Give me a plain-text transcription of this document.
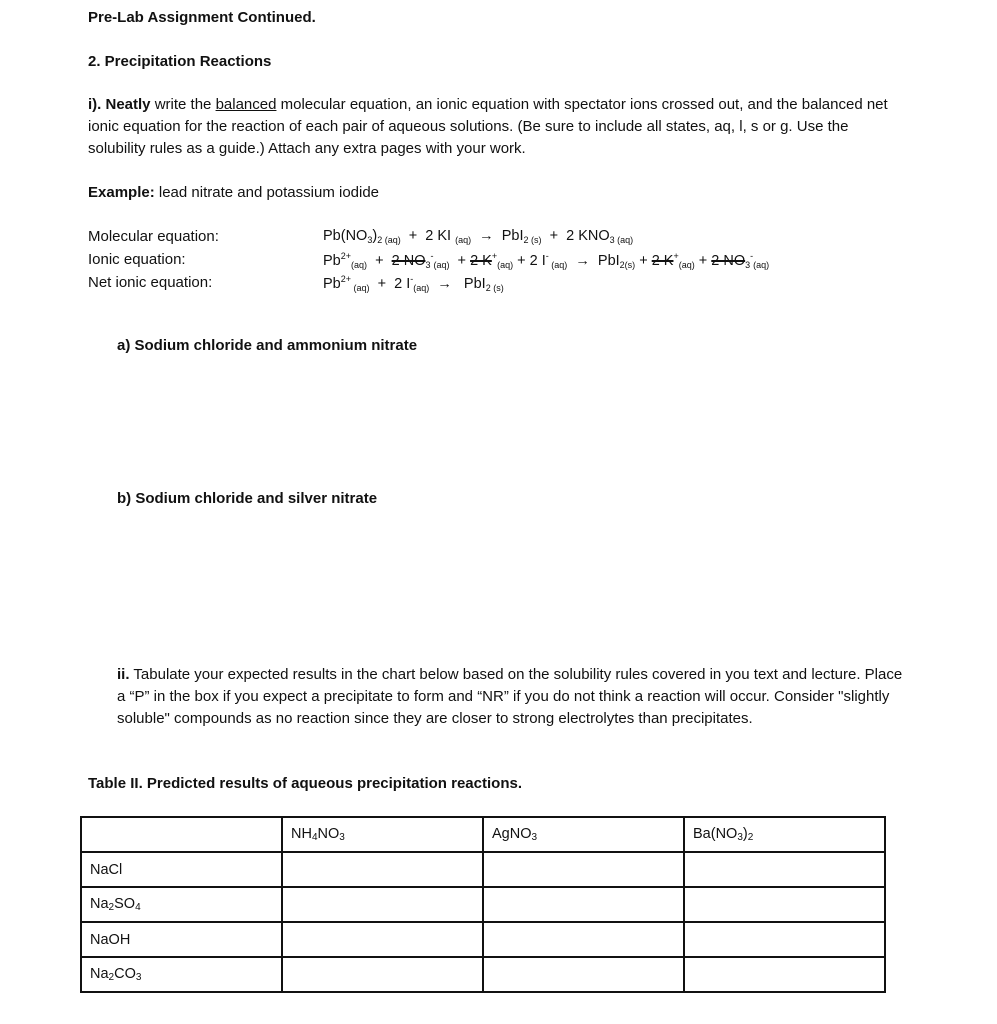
Pre-Lab Assignment Continued.

2. Precipitation Reactions

i). Neatly write the balanced molecular equation, an ionic equation with spectator ions crossed out, and the balanced net ionic equation for the reaction of each pair of aqueous solutions. (Be sure to include all states, aq, l, s or g. Use the solubility rules as a guide.) Attach any extra pages with your work.

Example: lead nitrate and potassium iodide

Molecular equation:	$Pb(NO_3)_{2 (aq)} + 2$ KI $_{(aq)}$  →  PbI$_{2 (s)}$  +  2 $KNO_{3 (aq)}$

Ionic equation:	$Pb^{2+}_{(aq)} + 2$ $NO_3^-_{(aq)} + 2$ $K^+_{(aq)} + 2$ I- $_{(aq)}$  →  PbI$_{2(s)}$ + 2 $K^+_{(aq)} + 2$ $NO_3^-_{(aq)}$

Net ionic equation:	$Pb^{2+}$ $_{(aq)}$  +  2 $I^-_{(aq)} \to PbI_{2 (s)}$

a) Sodium chloride and ammonium nitrate

b) Sodium chloride and silver nitrate

ii. Tabulate your expected results in the chart below based on the solubility rules covered in you text and lecture. Place a “P” in the box if you expect a precipitate to form and “NR” if you do not think a reaction will occur. Consider "slightly soluble" compounds as no reaction since they are closer to strong electrolytes than precipitates.

Table II. Predicted results of aqueous precipitation reactions.

	$NH_4NO_3$	AgNO$_3$	$Ba(NO_3)_2$
NaCl			
$Na_2SO_4$			
NaOH			
$Na_2CO_3$			
